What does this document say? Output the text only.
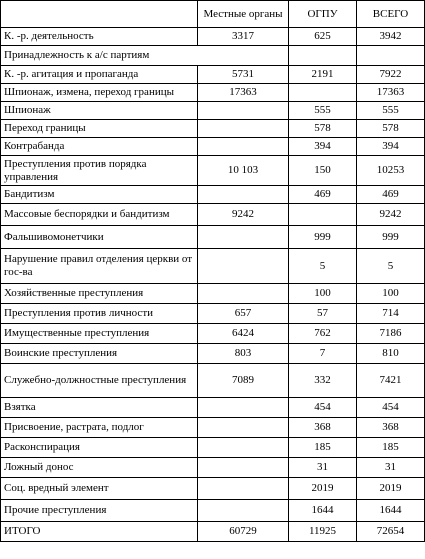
	Местные органы	ОГПУ	ВСЕГО
К. -р. деятельность	3317	625	3942
Принадлежность к а/с партиям			
К. -р. агитация и пропаганда	5731	2191	7922
Шпионаж, измена, переход границы	17363		17363
Шпионаж		555	555
Переход границы		578	578
Контрабанда		394	394
Преступления против порядка управления	10 103	150	10253
Бандитизм		469	469
Массовые беспорядки и бандитизм	9242		9242
Фальшивомонетчики		999	999
Нарушение правил отделения церкви от гос-ва		5	5
Хозяйственные преступления		100	100
Преступления против личности	657	57	714
Имущественные преступления	6424	762	7186
Воинские преступления	803	7	810
Служебно-должностные преступления	7089	332	7421
Взятка		454	454
Присвоение, растрата, подлог		368	368
Расконспирация		185	185
Ложный донос		31	31
Соц. вредный элемент		2019	2019
Прочие преступления		1644	1644
ИТОГО	60729	11925	72654
